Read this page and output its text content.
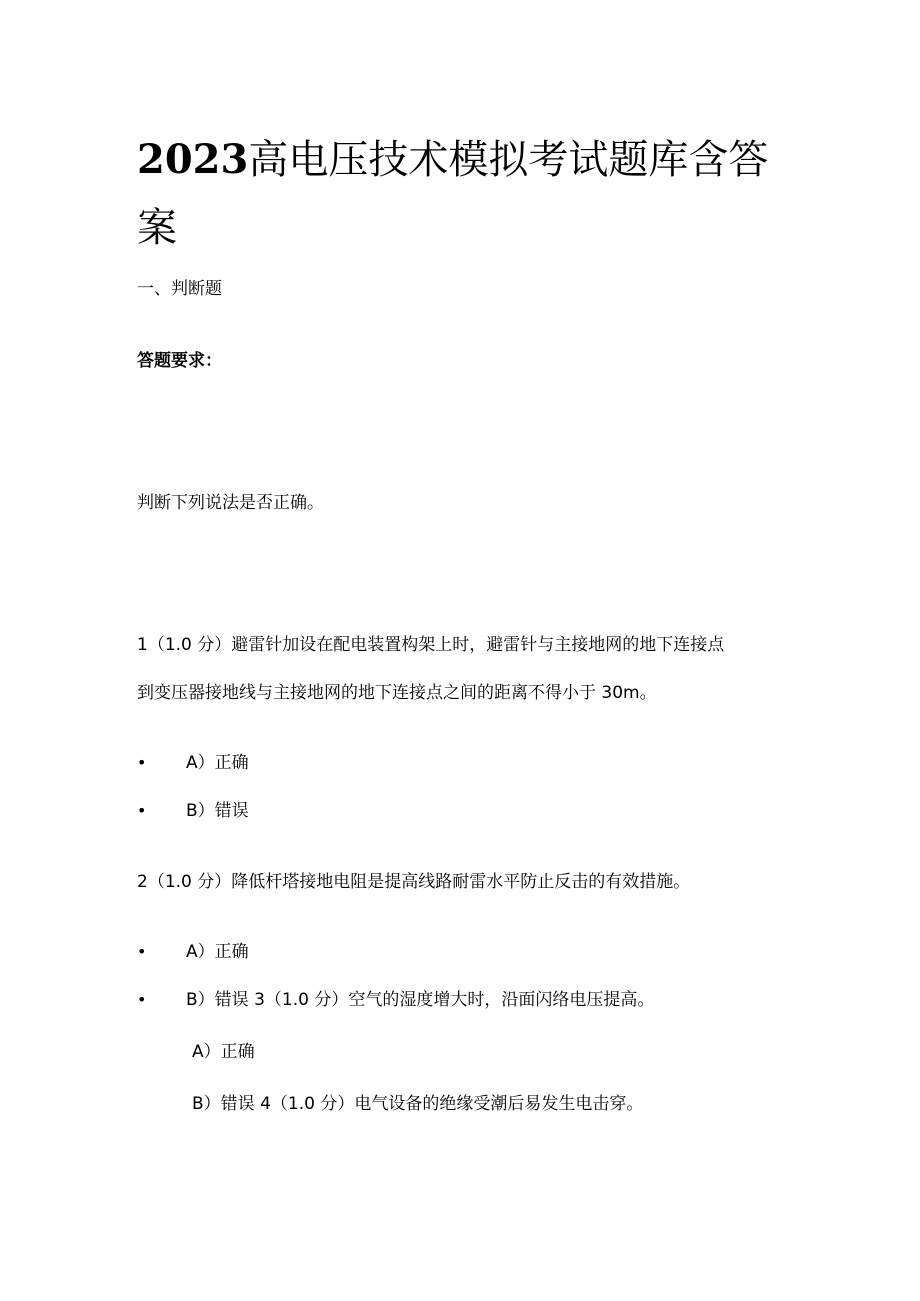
2023高电压技术模拟考试题库含答案

一、判断题

答题要求：

判断下列说法是否正确。

1（1.0 分）避雷针加设在配电装置构架上时，避雷针与主接地网的地下连接点

到变压器接地线与主接地网的地下连接点之间的距离不得小于 30m。

• A）正确
• B）错误

2（1.0 分）降低杆塔接地电阻是提高线路耐雷水平防止反击的有效措施。

• A）正确
• B）错误 3（1.0 分）空气的湿度增大时，沿面闪络电压提高。
A）正确
B）错误 4（1.0 分）电气设备的绝缘受潮后易发生电击穿。
